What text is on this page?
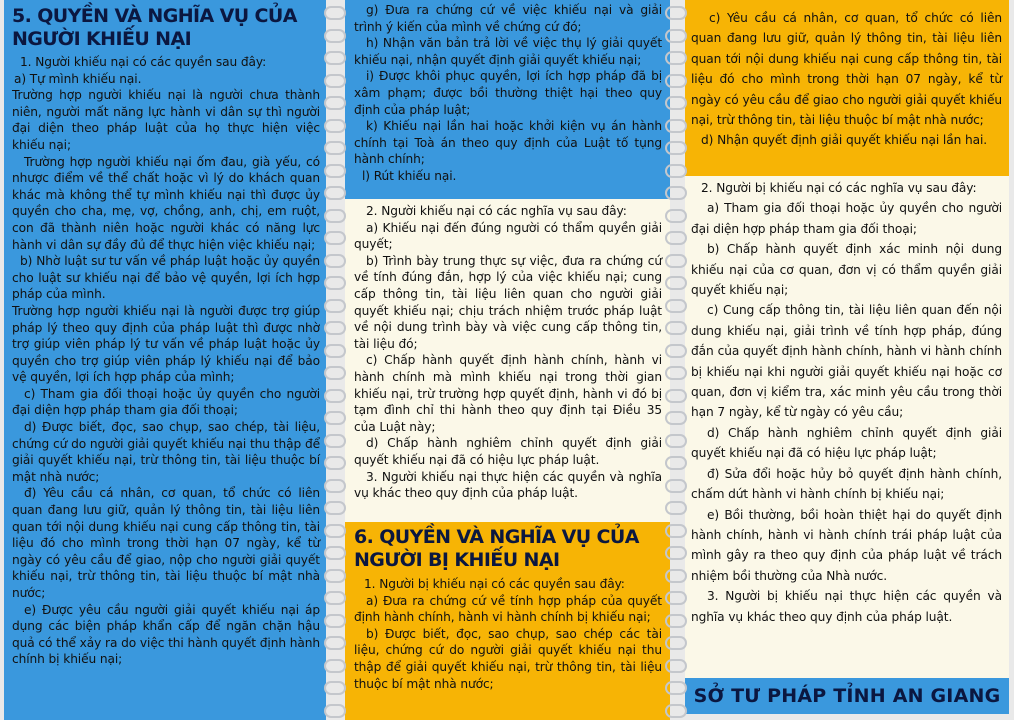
5. QUYỀN VÀ NGHĨA VỤ CỦA NGƯỜI KHIẾU NẠI

1. Người khiếu nại có các quyền sau đây:

a) Tự mình khiếu nại.

Trường hợp người khiếu nại là người chưa thành niên, người mất năng lực hành vi dân sự thì người đại diện theo pháp luật của họ thực hiện việc khiếu nại;

Trường hợp người khiếu nại ốm đau, già yếu, có nhược điểm về thể chất hoặc vì lý do khách quan khác mà không thể tự mình khiếu nại thì được ủy quyền cho cha, mẹ, vợ, chồng, anh, chị, em ruột, con đã thành niên hoặc người khác có năng lực hành vi dân sự đầy đủ để thực hiện việc khiếu nại;

b) Nhờ luật sư tư vấn về pháp luật hoặc ủy quyền cho luật sư khiếu nại để bảo vệ quyền, lợi ích hợp pháp của mình.

Trường hợp người khiếu nại là người được trợ giúp pháp lý theo quy định của pháp luật thì được nhờ trợ giúp viên pháp lý tư vấn về pháp luật hoặc ủy quyền cho trợ giúp viên pháp lý khiếu nại để bảo vệ quyền, lợi ích hợp pháp của mình;

c) Tham gia đối thoại hoặc ủy quyền cho người đại diện hợp pháp tham gia đối thoại;

d) Được biết, đọc, sao chụp, sao chép, tài liệu, chứng cứ do người giải quyết khiếu nại thu thập để giải quyết khiếu nại, trừ thông tin, tài liệu thuộc bí mật nhà nước;

đ) Yêu cầu cá nhân, cơ quan, tổ chức có liên quan đang lưu giữ, quản lý thông tin, tài liệu liên quan tới nội dung khiếu nại cung cấp thông tin, tài liệu đó cho mình trong thời hạn 07 ngày, kể từ ngày có yêu cầu để giao, nộp cho người giải quyết khiếu nại, trừ thông tin, tài liệu thuộc bí mật nhà nước;

e) Được yêu cầu người giải quyết khiếu nại áp dụng các biện pháp khẩn cấp để ngăn chặn hậu quả có thể xảy ra do việc thi hành quyết định hành chính bị khiếu nại;

g) Đưa ra chứng cứ về việc khiếu nại và giải trình ý kiến của mình về chứng cứ đó;

h) Nhận văn bản trả lời về việc thụ lý giải quyết khiếu nại, nhận quyết định giải quyết khiếu nại;

i) Được khôi phục quyền, lợi ích hợp pháp đã bị xâm phạm; được bồi thường thiệt hại theo quy định của pháp luật;

k) Khiếu nại lần hai hoặc khởi kiện vụ án hành chính tại Toà án theo quy định của Luật tố tụng hành chính;

l) Rút khiếu nại.

2. Người khiếu nại có các nghĩa vụ sau đây:

a) Khiếu nại đến đúng người có thẩm quyền giải quyết;

b) Trình bày trung thực sự việc, đưa ra chứng cứ về tính đúng đắn, hợp lý của việc khiếu nại; cung cấp thông tin, tài liệu liên quan cho người giải quyết khiếu nại; chịu trách nhiệm trước pháp luật về nội dung trình bày và việc cung cấp thông tin, tài liệu đó;

c) Chấp hành quyết định hành chính, hành vi hành chính mà mình khiếu nại trong thời gian khiếu nại, trừ trường hợp quyết định, hành vi đó bị tạm đình chỉ thi hành theo quy định tại Điều 35 của Luật này;

d) Chấp hành nghiêm chỉnh quyết định giải quyết khiếu nại đã có hiệu lực pháp luật.

3. Người khiếu nại thực hiện các quyền và nghĩa vụ khác theo quy định của pháp luật.

6. QUYỀN VÀ NGHĨA VỤ CỦA NGƯỜI BỊ KHIẾU NẠI

1. Người bị khiếu nại có các quyền sau đây:

a) Đưa ra chứng cứ về tính hợp pháp của quyết định hành chính, hành vi hành chính bị khiếu nại;

b) Được biết, đọc, sao chụp, sao chép các tài liệu, chứng cứ do người giải quyết khiếu nại thu thập để giải quyết khiếu nại, trừ thông tin, tài liệu thuộc bí mật nhà nước;

c) Yêu cầu cá nhân, cơ quan, tổ chức có liên quan đang lưu giữ, quản lý thông tin, tài liệu liên quan tới nội dung khiếu nại cung cấp thông tin, tài liệu đó cho mình trong thời hạn 07 ngày, kể từ ngày có yêu cầu để giao cho người giải quyết khiếu nại, trừ thông tin, tài liệu thuộc bí mật nhà nước;

d) Nhận quyết định giải quyết khiếu nại lần hai.

2. Người bị khiếu nại có các nghĩa vụ sau đây:

a) Tham gia đối thoại hoặc ủy quyền cho người đại diện hợp pháp tham gia đối thoại;

b) Chấp hành quyết định xác minh nội dung khiếu nại của cơ quan, đơn vị có thẩm quyền giải quyết khiếu nại;

c) Cung cấp thông tin, tài liệu liên quan đến nội dung khiếu nại, giải trình về tính hợp pháp, đúng đắn của quyết định hành chính, hành vi hành chính bị khiếu nại khi người giải quyết khiếu nại hoặc cơ quan, đơn vị kiểm tra, xác minh yêu cầu trong thời hạn 7 ngày, kể từ ngày có yêu cầu;

d) Chấp hành nghiêm chỉnh quyết định giải quyết khiếu nại đã có hiệu lực pháp luật;

đ) Sửa đổi hoặc hủy bỏ quyết định hành chính, chấm dứt hành vi hành chính bị khiếu nại;

e) Bồi thường, bồi hoàn thiệt hại do quyết định hành chính, hành vi hành chính trái pháp luật của mình gây ra theo quy định của pháp luật về trách nhiệm bồi thường của Nhà nước.

3. Người bị khiếu nại thực hiện các quyền và nghĩa vụ khác theo quy định của pháp luật.

SỞ TƯ PHÁP TỈNH AN GIANG
